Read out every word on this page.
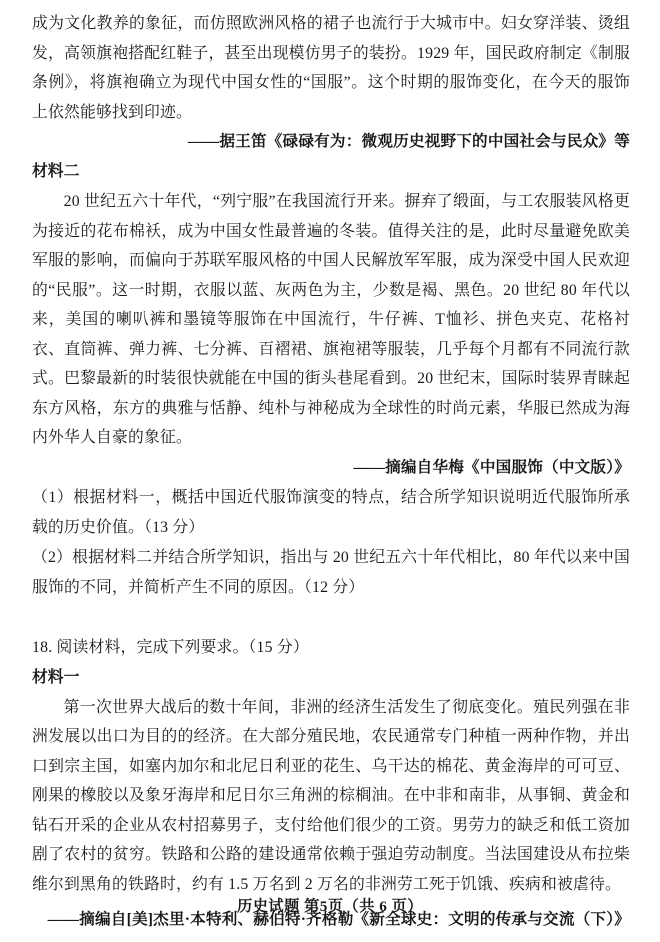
成为文化教养的象征，而仿照欧洲风格的裙子也流行于大城市中。妇女穿洋装、烫组发，高领旗袍搭配红鞋子，甚至出现模仿男子的装扮。1929 年，国民政府制定《制服条例》，将旗袍确立为现代中国女性的“国服”。这个时期的服饰变化，在今天的服饰上依然能够找到印迹。

——据王笛《碌碌有为：微观历史视野下的中国社会与民众》等

材料二

20 世纪五六十年代，“列宁服”在我国流行开来。摒弃了缎面，与工农服装风格更为接近的花布棉袄，成为中国女性最普遍的冬装。值得关注的是，此时尽量避免欧美军服的影响，而偏向于苏联军服风格的中国人民解放军军服，成为深受中国人民欢迎的“民服”。这一时期，衣服以蓝、灰两色为主，少数是褐、黑色。20 世纪 80 年代以来，美国的喇叭裤和墨镜等服饰在中国流行，牛仔裤、T恤衫、拼色夹克、花格衬衣、直筒裤、弹力裤、七分裤、百褶裙、旗袍裙等服装，几乎每个月都有不同流行款式。巴黎最新的时装很快就能在中国的街头巷尾看到。20 世纪末，国际时装界青睐起东方风格，东方的典雅与恬静、纯朴与神秘成为全球性的时尚元素，华服已然成为海内外华人自豪的象征。

——摘编自华梅《中国服饰（中文版）》

（1）根据材料一，概括中国近代服饰演变的特点，结合所学知识说明近代服饰所承载的历史价值。（13 分）

（2）根据材料二并结合所学知识，指出与 20 世纪五六十年代相比，80 年代以来中国服饰的不同，并简析产生不同的原因。（12 分）

18. 阅读材料，完成下列要求。（15 分）

材料一

第一次世界大战后的数十年间，非洲的经济生活发生了彻底变化。殖民列强在非洲发展以出口为目的的经济。在大部分殖民地，农民通常专门种植一两种作物，并出口到宗主国，如塞内加尔和北尼日利亚的花生、乌干达的棉花、黄金海岸的可可豆、刚果的橡胶以及象牙海岸和尼日尔三角洲的棕榈油。在中非和南非，从事铜、黄金和钻石开采的企业从农村招募男子，支付给他们很少的工资。男劳力的缺乏和低工资加剧了农村的贫穷。铁路和公路的建设通常依赖于强迫劳动制度。当法国建设从布拉柴维尔到黑角的铁路时，约有 1.5 万名到 2 万名的非洲劳工死于饥饿、疾病和被虐待。

——摘编自[美]杰里·本特利、赫伯特·齐格勒《新全球史：文明的传承与交流（下）》

历史试题 第5页（共 6 页）
